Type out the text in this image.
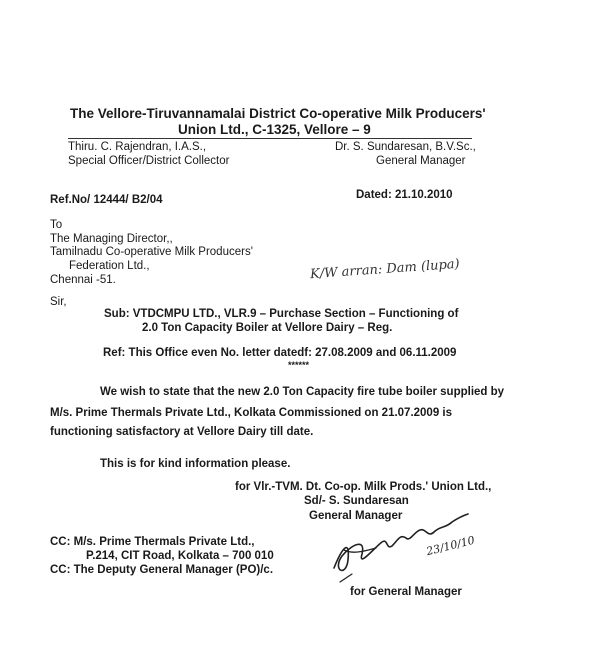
The Vellore-Tiruvannamalai District Co-operative Milk Producers'
Union Ltd., C-1325, Vellore – 9
Thiru. C. Rajendran, I.A.S.,
Special Officer/District Collector
Dr. S. Sundaresan, B.V.Sc.,
General Manager
Ref.No/ 12444/ B2/04	Dated: 21.10.2010
To
The Managing Director,,
Tamilnadu Co-operative Milk Producers'
Federation Ltd.,
Chennai -51.	K/W arran: Dam (lupa)
Sir,
Sub: VTDCMPU LTD., VLR.9 – Purchase Section – Functioning of
2.0 Ton Capacity Boiler at Vellore Dairy – Reg.
Ref: This Office even No. letter datedf: 27.08.2009 and 06.11.2009
******
We wish to state that the new 2.0 Ton Capacity fire tube boiler supplied by
M/s. Prime Thermals Private Ltd., Kolkata Commissioned on 21.07.2009 is
functioning satisfactory at Vellore Dairy till date.
This is for kind information please.
for Vlr.-TVM. Dt. Co-op. Milk Prods.' Union Ltd.,
Sd/- S. Sundaresan
General Manager
CC: M/s. Prime Thermals Private Ltd.,
P.214, CIT Road, Kolkata – 700 010
CC: The Deputy General Manager (PO)/c.
23/10/10
for General Manager
